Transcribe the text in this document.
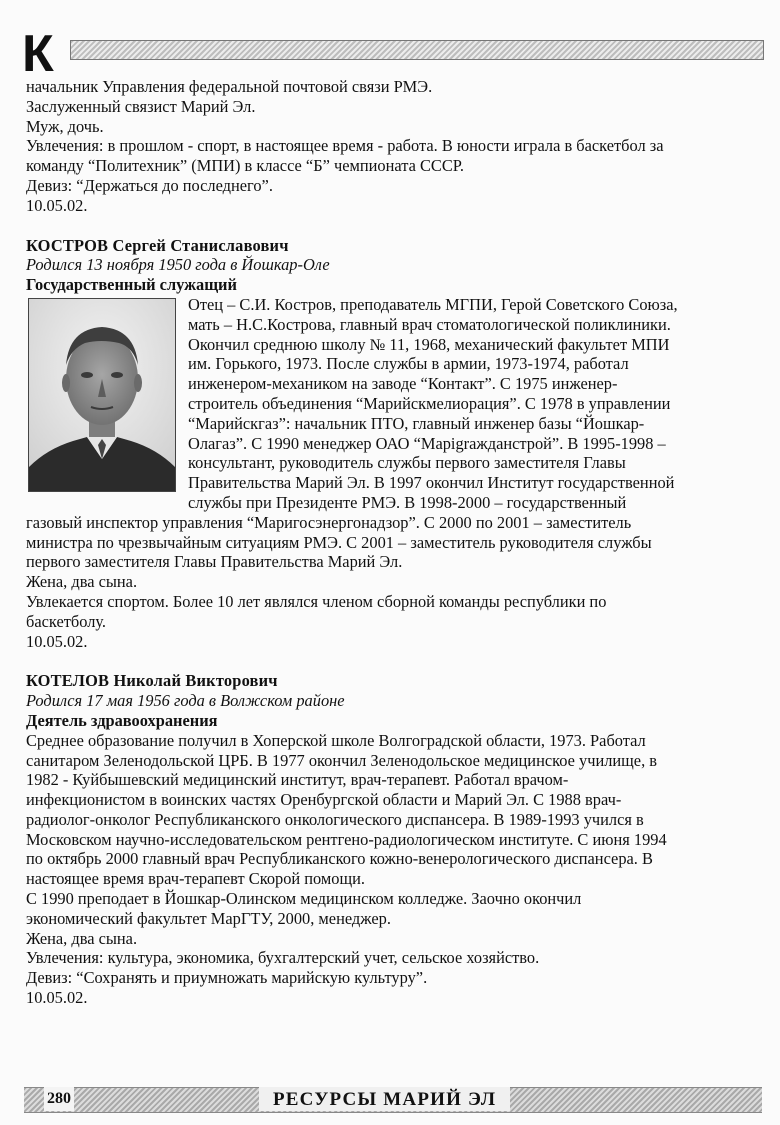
К

начальник Управления федеральной почтовой связи РМЭ.

Заслуженный связист Марий Эл.

Муж, дочь.

Увлечения: в прошлом - спорт, в настоящее время - работа. В юности играла в баскетбол за

команду “Политехник” (МПИ) в классе “Б” чемпионата СССР.

Девиз: “Держаться до последнего”.

10.05.02.

КОСТРОВ Сергей Станиславович

Родился 13 ноября 1950 года в Йошкар-Оле

Государственный служащий

Отец – С.И. Костров, преподаватель МГПИ, Герой Советского Союза,

мать – Н.С.Кострова, главный врач стоматологической поликлиники.

Окончил среднюю школу № 11, 1968, механический факультет МПИ

им. Горького, 1973. После службы в армии, 1973-1974, работал

инженером-механиком на заводе “Контакт”. С 1975 инженер-

строитель объединения “Марийскмелиорация”. С 1978 в управлении

“Марийскгаз”: начальник ПТО, главный инженер базы “Йошкар-

Олагаз”. С 1990 менеджер ОАО “Марigrажданстрой”. В 1995-1998 –

консультант, руководитель службы первого заместителя Главы

Правительства Марий Эл. В 1997 окончил Институт государственной

службы при Президенте РМЭ. В 1998-2000 – государственный

газовый инспектор управления “Маригосэнергонадзор”. С 2000 по 2001 – заместитель

министра по чрезвычайным ситуациям РМЭ. С 2001 – заместитель руководителя службы

первого заместителя Главы Правительства Марий Эл.

Жена, два сына.

Увлекается спортом. Более 10 лет являлся членом сборной команды республики по

баскетболу.

10.05.02.

КОТЕЛОВ Николай Викторович

Родился 17 мая 1956 года в Волжском районе

Деятель здравоохранения

Среднее образование получил в Хоперской школе Волгоградской области, 1973. Работал

санитаром Зеленодольской ЦРБ. В 1977 окончил Зеленодольское медицинское училище, в

1982 - Куйбышевский медицинский институт, врач-терапевт. Работал врачом-

инфекционистом в воинских частях Оренбургской области и Марий Эл. С 1988 врач-

радиолог-онколог Республиканского онкологического диспансера. В 1989-1993 учился в

Московском научно-исследовательском рентгено-радиологическом институте. С июня 1994

по октябрь 2000 главный врач Республиканского кожно-венерологического диспансера. В

настоящее время врач-терапевт Скорой помощи.

С 1990 преподает в Йошкар-Олинском медицинском колледже. Заочно окончил

экономический факультет МарГТУ, 2000, менеджер.

Жена, два сына.

Увлечения: культура, экономика, бухгалтерский учет, сельское хозяйство.

Девиз: “Сохранять и приумножать марийскую культуру”.

10.05.02.

280	РЕСУРСЫ МАРИЙ ЭЛ
